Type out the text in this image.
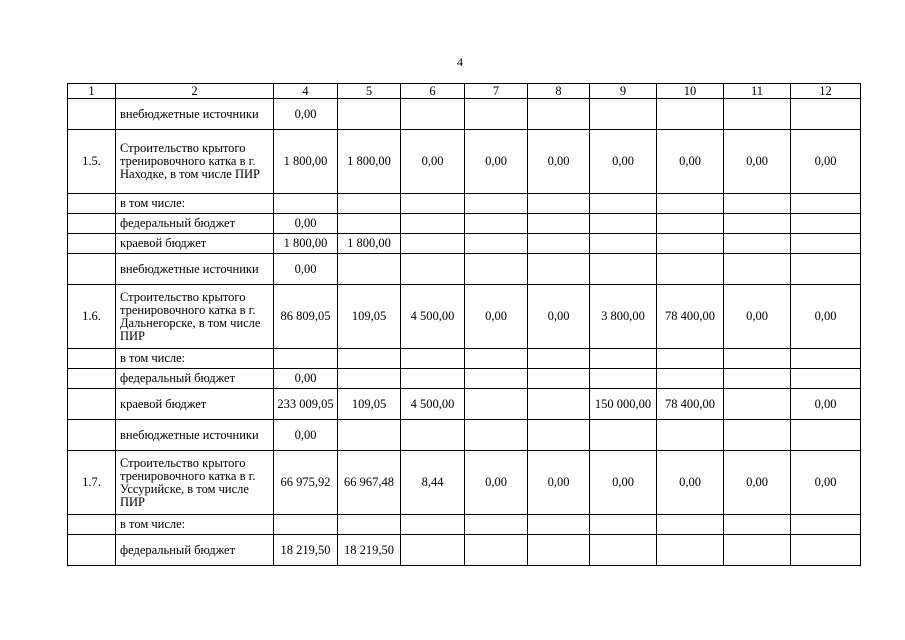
4
1	2	4	5	6	7	8	9	10	11	12
	внебюджетные источники	0,00								
1.5.	Строительство крытого тренировочного катка в г. Находке, в том числе ПИР	1 800,00	1 800,00	0,00	0,00	0,00	0,00	0,00	0,00	0,00
	в том числе:									
	федеральный бюджет	0,00								
	краевой бюджет	1 800,00	1 800,00							
	внебюджетные источники	0,00								
1.6.	Строительство крытого тренировочного катка в г. Дальнегорске, в том числе ПИР	86 809,05	109,05	4 500,00	0,00	0,00	3 800,00	78 400,00	0,00	0,00
	в том числе:									
	федеральный бюджет	0,00								
	краевой бюджет	233 009,05	109,05	4 500,00			150 000,00	78 400,00		0,00
	внебюджетные источники	0,00								
1.7.	Строительство крытого тренировочного катка в г. Уссурийске, в том числе ПИР	66 975,92	66 967,48	8,44	0,00	0,00	0,00	0,00	0,00	0,00
	в том числе:									
	федеральный бюджет	18 219,50	18 219,50							
